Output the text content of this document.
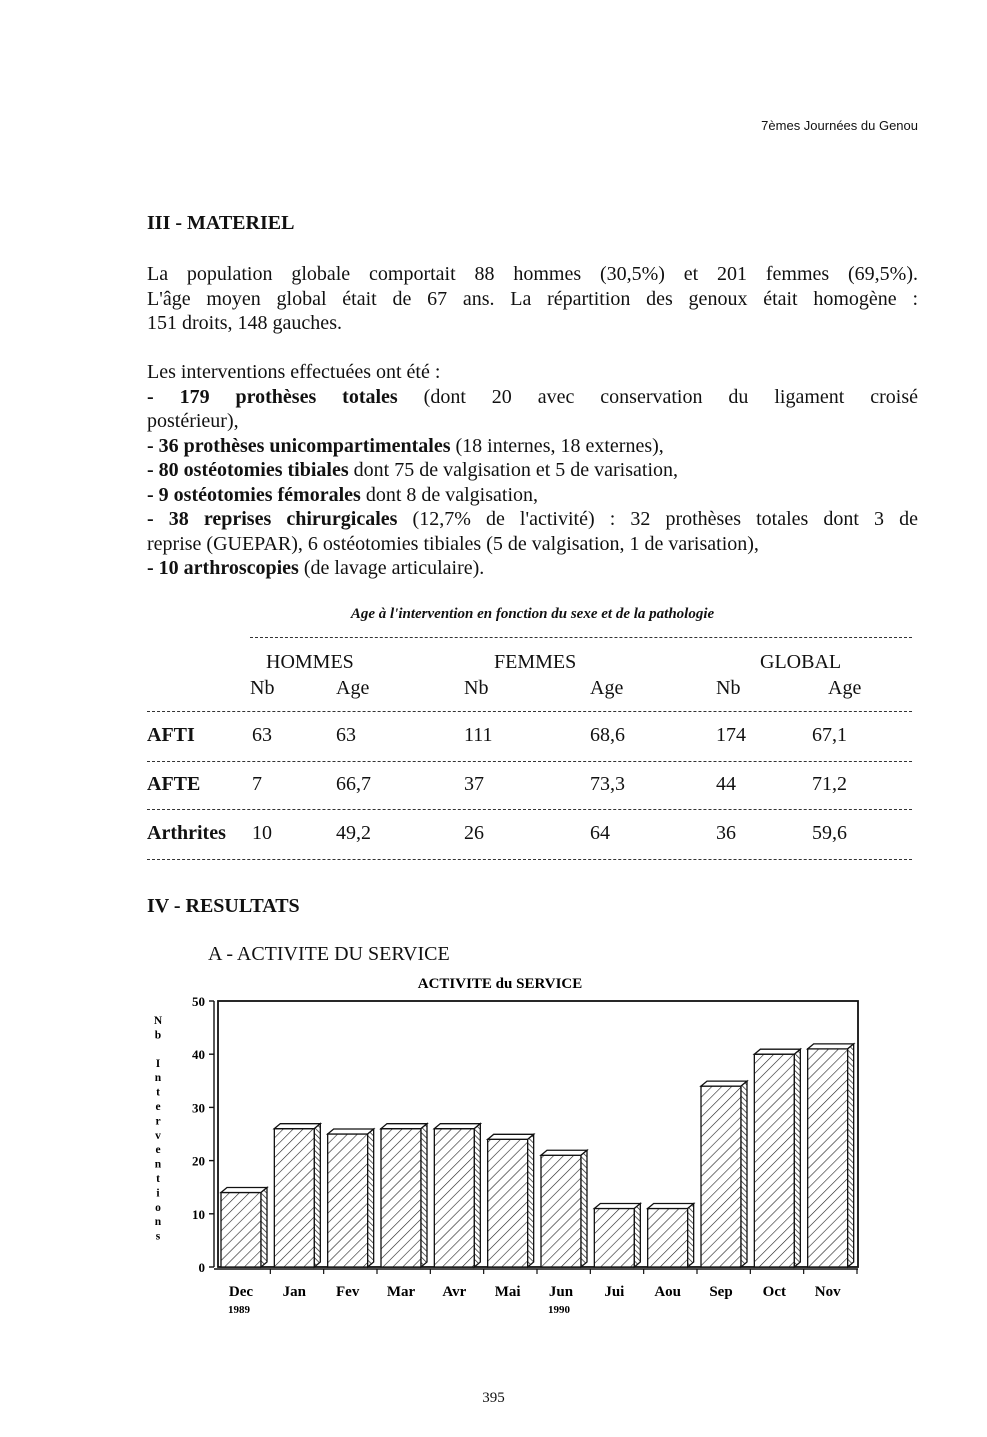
7èmes Journées du Genou
III - MATERIEL

La population globale comportait 88 hommes (30,5%) et 201 femmes (69,5%).

L'âge moyen global était de 67 ans. La répartition des genoux était homogène :

151 droits, 148 gauches.

Les interventions effectuées ont été :

- 179 prothèses totales (dont 20 avec conservation du ligament croisé

postérieur),

- 36 prothèses unicompartimentales (18 internes, 18 externes),

- 80 ostéotomies tibiales dont 75 de valgisation et 5 de varisation,

- 9 ostéotomies fémorales dont 8 de valgisation,

- 38 reprises chirurgicales (12,7% de l'activité) : 32 prothèses totales dont 3 de

reprise (GUEPAR), 6 ostéotomies tibiales (5 de valgisation, 1 de varisation),

- 10 arthroscopies (de lavage articulaire).

Age à l'intervention en fonction du sexe et de la pathologie
HOMMES	FEMMES	GLOBAL
Nb	Age	Nb	Age	Nb	Age
AFTI	63	63	111	68,6	174	67,1
AFTE	7	66,7	37	73,3	44	71,2
Arthrites 10	49,2	26	64	36	59,6
IV - RESULTATS
A - ACTIVITE DU SERVICE
ACTIVITE du SERVICE
0
10
20
30
40
50
N
b
I
n
t
e
r
v
e
n
t
i
o
n
s
Dec Jan Fev Mar Avr Mai Jun Jui Aou Sep Oct Nov
1989	1990
395
